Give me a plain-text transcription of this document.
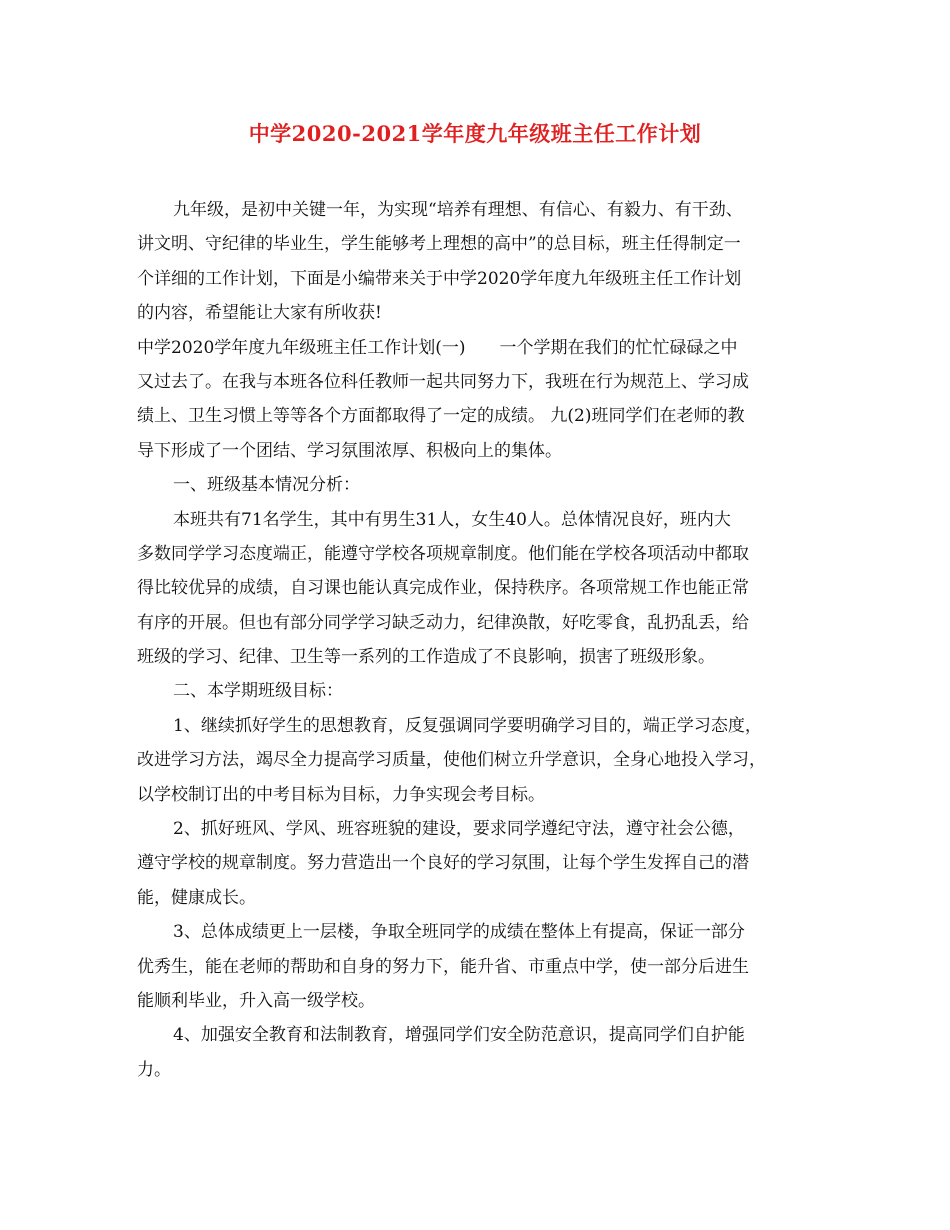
中学2020-2021学年度九年级班主任工作计划
九年级，是初中关键一年，为实现“培养有理想、有信心、有毅力、有干劲、
讲文明、守纪律的毕业生，学生能够考上理想的高中”的总目标，班主任得制定一
个详细的工作计划，下面是小编带来关于中学2020学年度九年级班主任工作计划
的内容，希望能让大家有所收获!
中学2020学年度九年级班主任工作计划(一)　　一个学期在我们的忙忙碌碌之中
又过去了。在我与本班各位科任教师一起共同努力下，我班在行为规范上、学习成
绩上、卫生习惯上等等各个方面都取得了一定的成绩。 九(2)班同学们在老师的教
导下形成了一个团结、学习氛围浓厚、积极向上的集体。
一、班级基本情况分析：
本班共有71名学生，其中有男生31人，女生40人。总体情况良好，班内大
多数同学学习态度端正，能遵守学校各项规章制度。他们能在学校各项活动中都取
得比较优异的成绩，自习课也能认真完成作业，保持秩序。各项常规工作也能正常
有序的开展。但也有部分同学学习缺乏动力，纪律涣散，好吃零食，乱扔乱丢，给
班级的学习、纪律、卫生等一系列的工作造成了不良影响，损害了班级形象。
二、本学期班级目标：
1、继续抓好学生的思想教育，反复强调同学要明确学习目的，端正学习态度，
改进学习方法，竭尽全力提高学习质量，使他们树立升学意识，全身心地投入学习，
以学校制订出的中考目标为目标，力争实现会考目标。
2、抓好班风、学风、班容班貌的建设，要求同学遵纪守法，遵守社会公德，
遵守学校的规章制度。努力营造出一个良好的学习氛围，让每个学生发挥自己的潜
能，健康成长。
3、总体成绩更上一层楼，争取全班同学的成绩在整体上有提高，保证一部分
优秀生，能在老师的帮助和自身的努力下，能升省、市重点中学，使一部分后进生
能顺利毕业，升入高一级学校。
4、加强安全教育和法制教育，增强同学们安全防范意识，提高同学们自护能
力。
